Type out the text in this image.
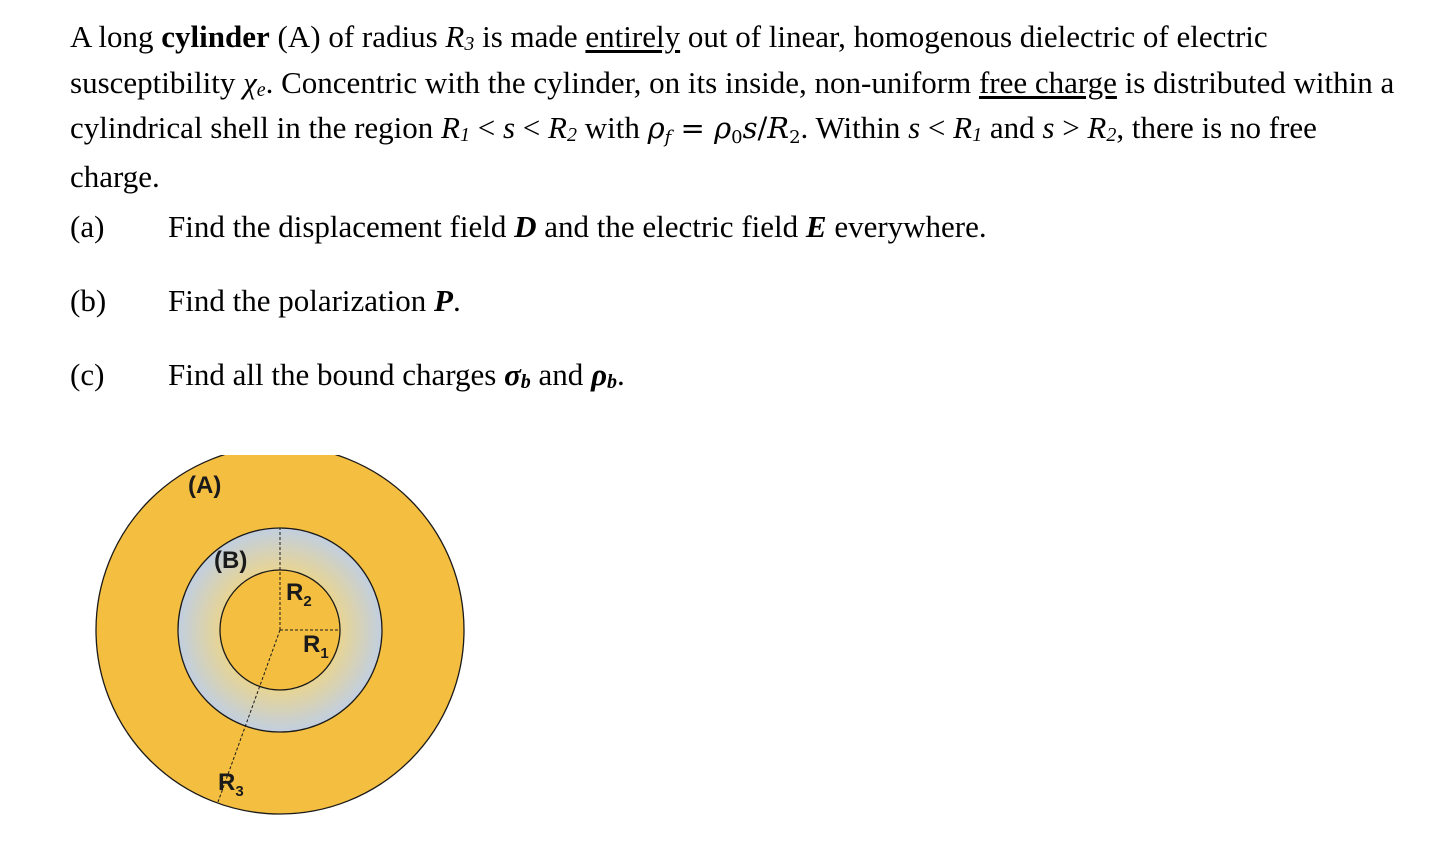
A long cylinder (A) of radius R3 is made entirely out of linear, homogenous dielectric of electric susceptibility χe. Concentric with the cylinder, on its inside, non-uniform free charge is distributed within a cylindrical shell in the region R1 < s < R2 with ρf = ρ0s/R2. Within s < R1 and s > R2, there is no free charge.

(a) Find the displacement field D and the electric field E everywhere.
(b) Find the polarization P.
(c) Find all the bound charges σb and ρb.
(A)
(B)
$R_2$
$R_1$
$R_3$
